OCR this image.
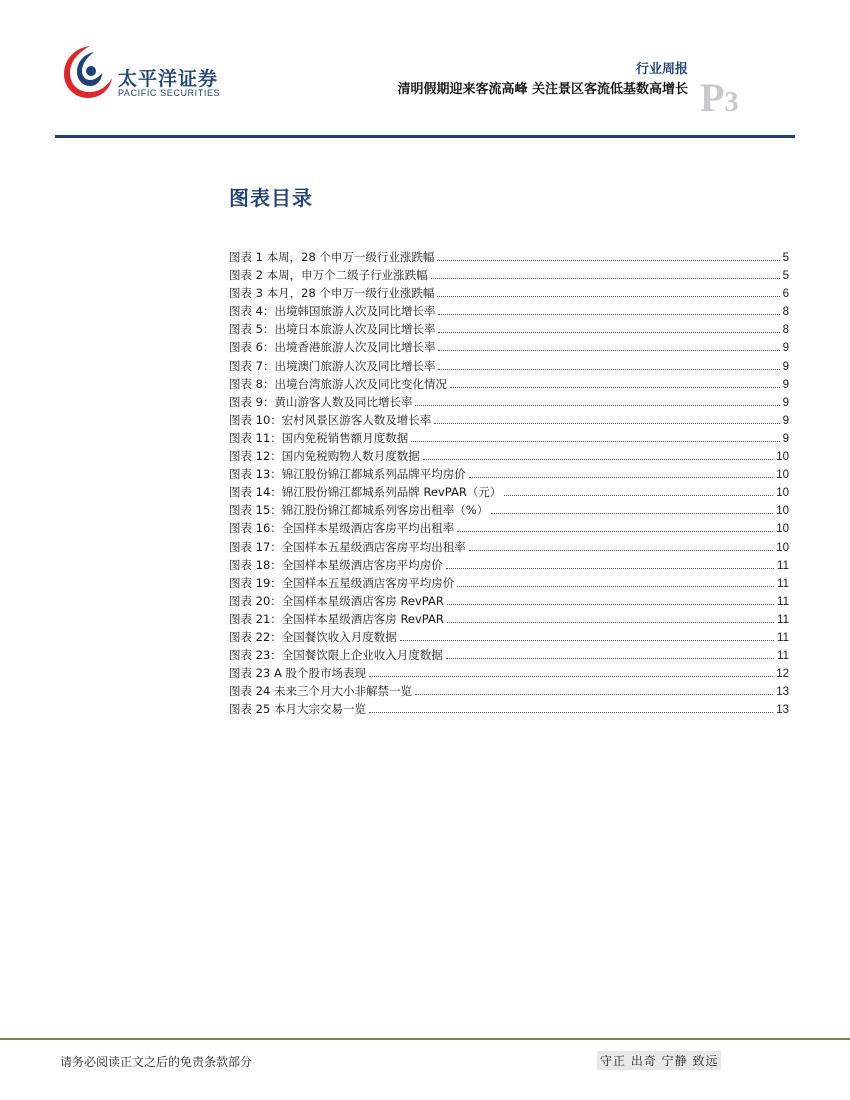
太平洋证券
PACIFIC SECURITIES
行业周报
清明假期迎来客流高峰 关注景区客流低基数高增长 P3
图表目录
图表 1 本周，28 个申万一级行业涨跌幅	5
图表 2 本周，申万个二级子行业涨跌幅	5
图表 3 本月，28 个申万一级行业涨跌幅	6
图表 4：出境韩国旅游人次及同比增长率	8
图表 5：出境日本旅游人次及同比增长率	8
图表 6：出境香港旅游人次及同比增长率	9
图表 7：出境澳门旅游人次及同比增长率	9
图表 8：出境台湾旅游人次及同比变化情况	9
图表 9：黄山游客人数及同比增长率	9
图表 10：宏村风景区游客人数及增长率	9
图表 11：国内免税销售额月度数据	9
图表 12：国内免税购物人数月度数据	10
图表 13：锦江股份锦江都城系列品牌平均房价	10
图表 14：锦江股份锦江都城系列品牌 RevPAR（元）	10
图表 15：锦江股份锦江都城系列客房出租率（%）	10
图表 16：全国样本星级酒店客房平均出租率	10
图表 17：全国样本五星级酒店客房平均出租率	10
图表 18：全国样本星级酒店客房平均房价	11
图表 19：全国样本五星级酒店客房平均房价	11
图表 20：全国样本星级酒店客房 RevPAR	11
图表 21：全国样本星级酒店客房 RevPAR	11
图表 22：全国餐饮收入月度数据	11
图表 23：全国餐饮限上企业收入月度数据	11
图表 23 A 股个股市场表现	12
图表 24 未来三个月大小非解禁一览	13
图表 25 本月大宗交易一览	13
请务必阅读正文之后的免责条款部分	守正 出奇 宁静 致远
